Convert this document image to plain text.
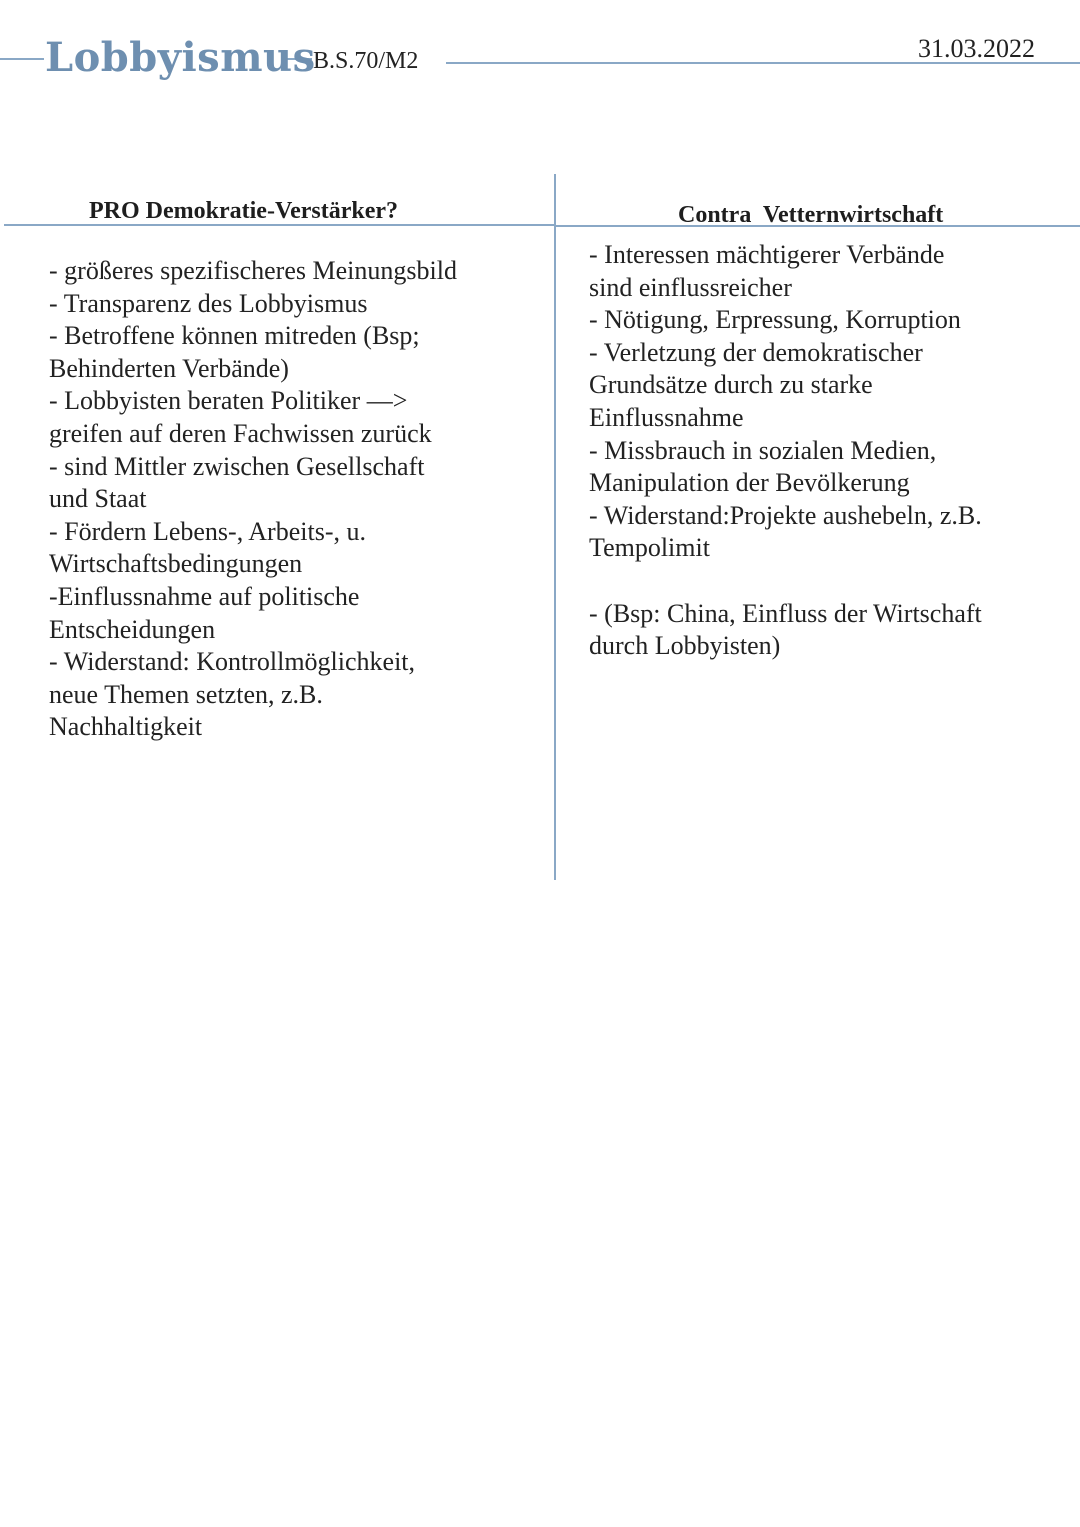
Lobbyismus
B.S.70/M2	31.03.2022
PRO Demokratie-Verstärker?
- größeres spezifischeres Meinungsbild
- Transparenz des Lobbyismus
- Betroffene können mitreden (Bsp;
Behinderten Verbände)
- Lobbyisten beraten Politiker —>
greifen auf deren Fachwissen zurück
- sind Mittler zwischen Gesellschaft
und Staat
- Fördern Lebens-, Arbeits-, u.
Wirtschaftsbedingungen
-Einflussnahme auf politische
Entscheidungen
- Widerstand: Kontrollmöglichkeit,
neue Themen setzten, z.B.
Nachhaltigkeit
Contra  Vetternwirtschaft
- Interessen mächtigerer Verbände
sind einflussreicher
- Nötigung, Erpressung, Korruption
- Verletzung der demokratischer
Grundsätze durch zu starke
Einflussnahme
- Missbrauch in sozialen Medien,
Manipulation der Bevölkerung
- Widerstand:Projekte aushebeln, z.B.
Tempolimit
- (Bsp: China, Einfluss der Wirtschaft
durch Lobbyisten)
